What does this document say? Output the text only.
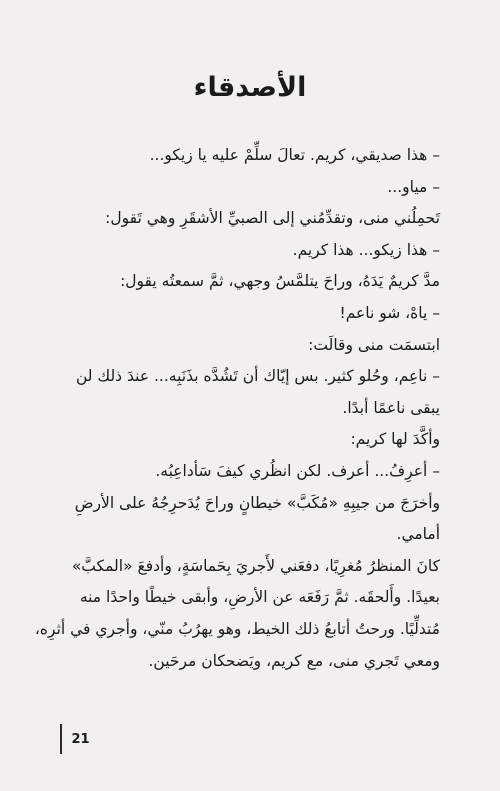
الأصدقاء
– هذا صديقي، كريم. تعالَ سلِّمْ عليه يا زيكو...
– مياو...
تَحمِلُني منى، وتقدِّمُني إلى الصبيِّ الأشقَرِ وهي تَقول:
– هذا زيكو... هذا كريم.
مدَّ كريمٌ يَدَهُ، وراحَ يتلمَّسُ وجهي، ثمَّ سمعتُه يقول:
– ياهْ، شو ناعم!
ابتسمَت منى وقالَت:
– ناعِم، وحُلو كثير. بس إيّاك أن تَشُدَّه بذَنَبِه... عندَ ذلك لن
يبقى ناعمًا أبدًا.
وأكَّدَ لها كريم:
– أعرِفُ... أعرف. لكن انظُري كيفَ سَأداعِبُه.
وأخرَجَ من جيبِهِ «مُكَبَّ» خيطانٍ وراحَ يُدَحرِجُهُ على الأرضِ
أمامي.
كانَ المنظرُ مُغرِيًا، دفعَني لأَجريَ بِحَماسَةٍ، وأدفعَ «المكبَّ»
بعيدًا. وأَلحقَه. ثمَّ رَفَعَه عن الأرضِ، وأبقى خيطًا واحدًا منه
مُتدلِّيًا. ورحتُ أتابعُ ذلك الخيط، وهو يهرُبُ منّي، وأجري في أثرِه،
ومعي تَجري منى، مع كريم، ويَضحكان مرحَين.
21
